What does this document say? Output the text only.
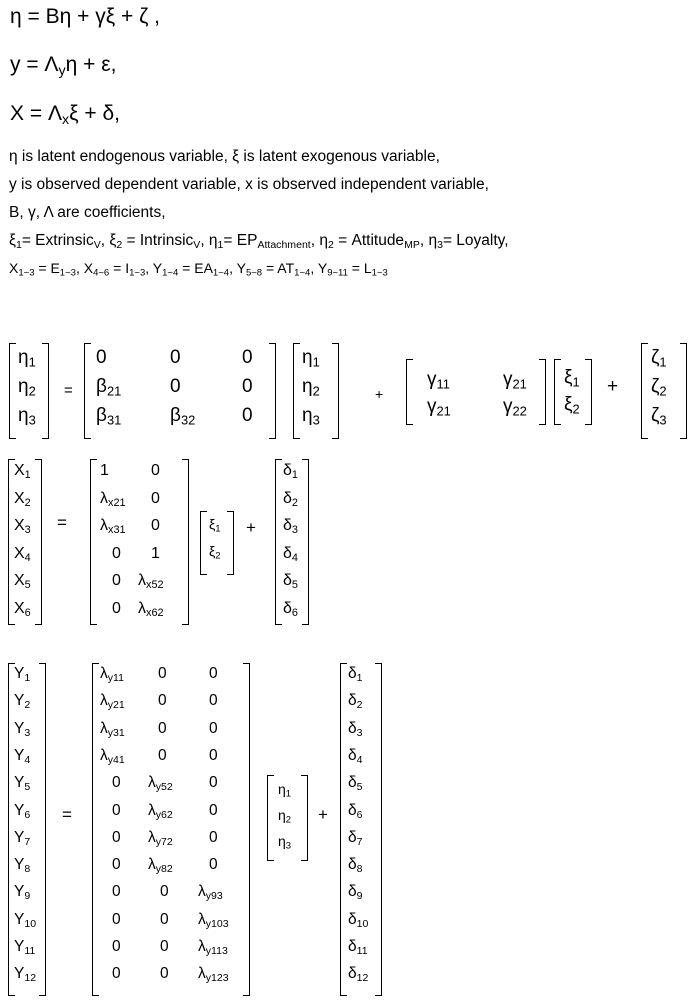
η = Bη + γξ + ζ ,
$y = \Lambda_y\eta + \varepsilon$,
$X = \Lambda_x\xi + \delta$,
η is latent endogenous variable, ξ is latent exogenous variable,
y is observed dependent variable, x is observed independent variable,
B, γ, Λ are coefficients,
$\xi_1=$ Extrinsic$_V$, $\xi_2$ = Intrinsic$_V$, $\eta_1= EP_{Attachment}$, $\eta_2$ = Attitude$_{MP}$, $\eta_3=$ Loyalty,
$X_{1\sim 3} = E_{1\sim 3}$, $X_{4\sim 6} = I_{1\sim 3}$, $Y_{1\sim 4} = EA_{1\sim 4}$, $Y_{5\sim 8} = AT_{1\sim 4}$, $Y_{9\sim 11} = L_{1\sim 3}$
$\eta_1$
$\eta_2$
$\eta_3$
=
0	0	0
$\beta_{21}$	0	0
$\beta_{31}$	$\beta_{32}$ 0
$\eta_1$
$\eta_2$
$\eta_3$
+
$\gamma_{11}$	$\gamma_{21}$
$\gamma_{21}$	$\gamma_{22}$
$\xi_1$
$\xi_2$
+
$\zeta_1$
$\zeta_2$
$\zeta_3$
$X_1$
$X_2$
$X_3$
$X_4$
$X_5$
$X_6$
=
1	0
$\lambda_{x21}$ 0
$\lambda_{x31}$ 0
0 1
0 $\lambda_{x52}$
0 $\lambda_{x62}$
$\xi_1$
$\xi_2$
+
$\delta_1$
$\delta_2$
$\delta_3$
$\delta_4$
$\delta_5$
$\delta_6$
$Y_1$
$Y_2$
$Y_3$
$Y_4$
$Y_5$
$Y_6$
$Y_7$
$Y_8$
$Y_9$
$Y_{10}$
$Y_{11}$
$Y_{12}$
=
$\lambda_{y11}$ 0	0
$\lambda_{y21}$ 0	0
$\lambda_{y31}$ 0	0
$\lambda_{y41}$ 0	0
0 $\lambda_{y52}$ 0
0 $\lambda_{y62}$ 0
0 $\lambda_{y72}$ 0
0 $\lambda_{y82}$ 0
0	0 $\lambda_{y93}$
0	0 $\lambda_{y103}$
0	0 $\lambda_{y113}$
0	0 $\lambda_{y123}$
$\eta_1$
$\eta_2$
$\eta_3$
+
$\delta_1$
$\delta_2$
$\delta_3$
$\delta_4$
$\delta_5$
$\delta_6$
$\delta_7$
$\delta_8$
$\delta_9$
$\delta_{10}$
$\delta_{11}$
$\delta_{12}$
